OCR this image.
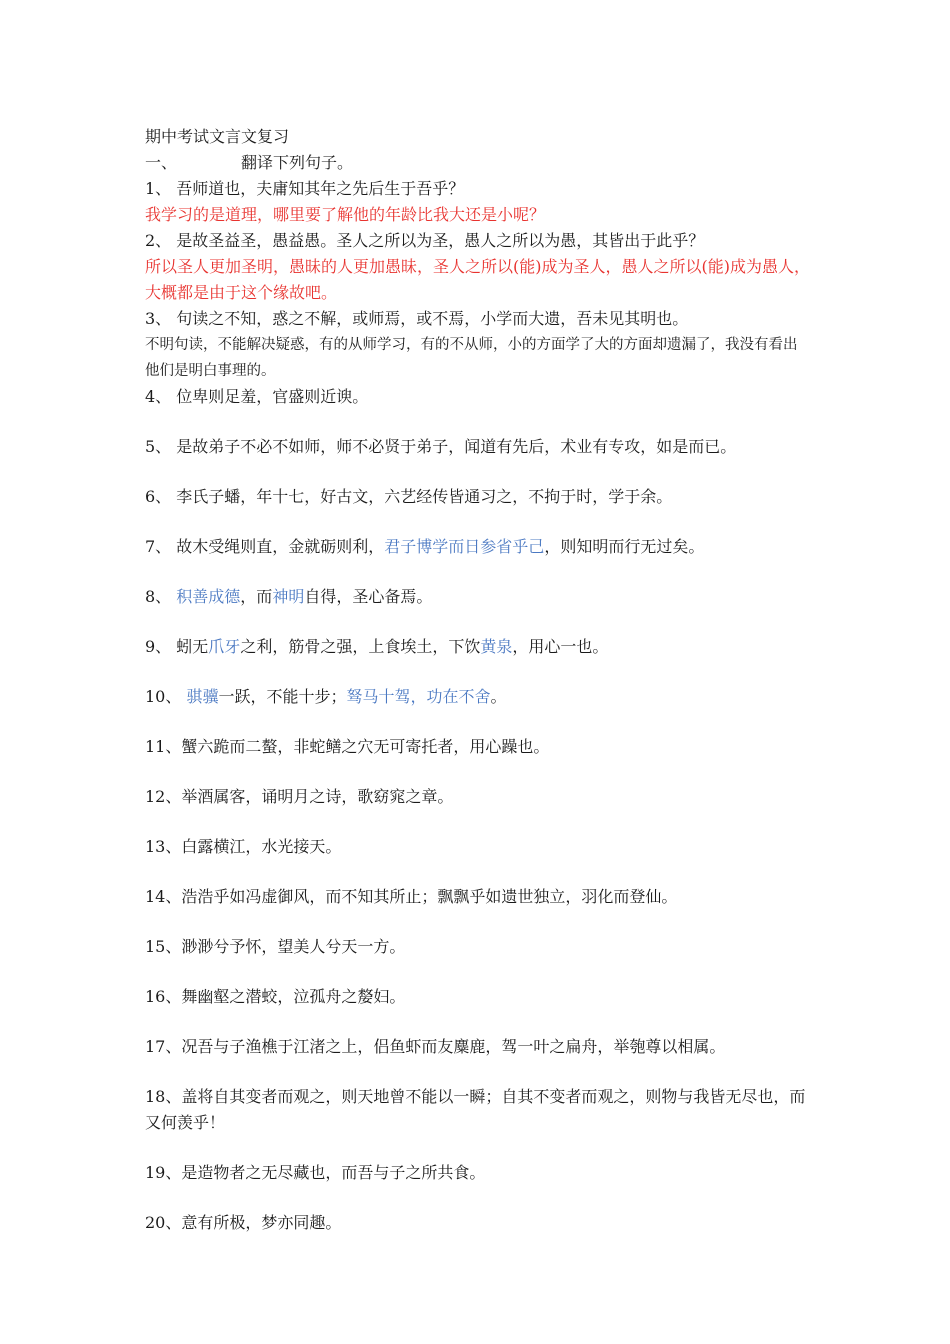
期中考试文言文复习
一、	翻译下列句子。
1、 吾师道也，夫庸知其年之先后生于吾乎？
我学习的是道理，哪里要了解他的年龄比我大还是小呢？
2、 是故圣益圣，愚益愚。圣人之所以为圣，愚人之所以为愚，其皆出于此乎？
所以圣人更加圣明，愚昧的人更加愚昧，圣人之所以(能)成为圣人，愚人之所以(能)成为愚人，大概都是由于这个缘故吧。
3、 句读之不知，惑之不解，或师焉，或不焉，小学而大遗，吾未见其明也。
不明句读，不能解决疑惑，有的从师学习，有的不从师，小的方面学了大的方面却遗漏了，我没有看出他们是明白事理的。
4、 位卑则足羞，官盛则近谀。
5、 是故弟子不必不如师，师不必贤于弟子，闻道有先后，术业有专攻，如是而已。
6、 李氏子蟠，年十七，好古文，六艺经传皆通习之，不拘于时，学于余。
7、 故木受绳则直，金就砺则利，君子博学而日参省乎己，则知明而行无过矣。
8、 积善成德，而神明自得，圣心备焉。
9、 蚓无爪牙之利，筋骨之强，上食埃土，下饮黄泉，用心一也。
10、 骐骥一跃，不能十步；驽马十驾，功在不舍。
11、蟹六跪而二螯，非蛇鳝之穴无可寄托者，用心躁也。
12、举酒属客，诵明月之诗，歌窈窕之章。
13、白露横江，水光接天。
14、浩浩乎如冯虚御风，而不知其所止；飘飘乎如遗世独立，羽化而登仙。
15、渺渺兮予怀，望美人兮天一方。
16、舞幽壑之潜蛟，泣孤舟之嫠妇。
17、况吾与子渔樵于江渚之上，侣鱼虾而友麋鹿，驾一叶之扁舟，举匏尊以相属。
18、盖将自其变者而观之，则天地曾不能以一瞬；自其不变者而观之，则物与我皆无尽也，而又何羡乎！
19、是造物者之无尽藏也，而吾与子之所共食。
20、意有所极，梦亦同趣。
